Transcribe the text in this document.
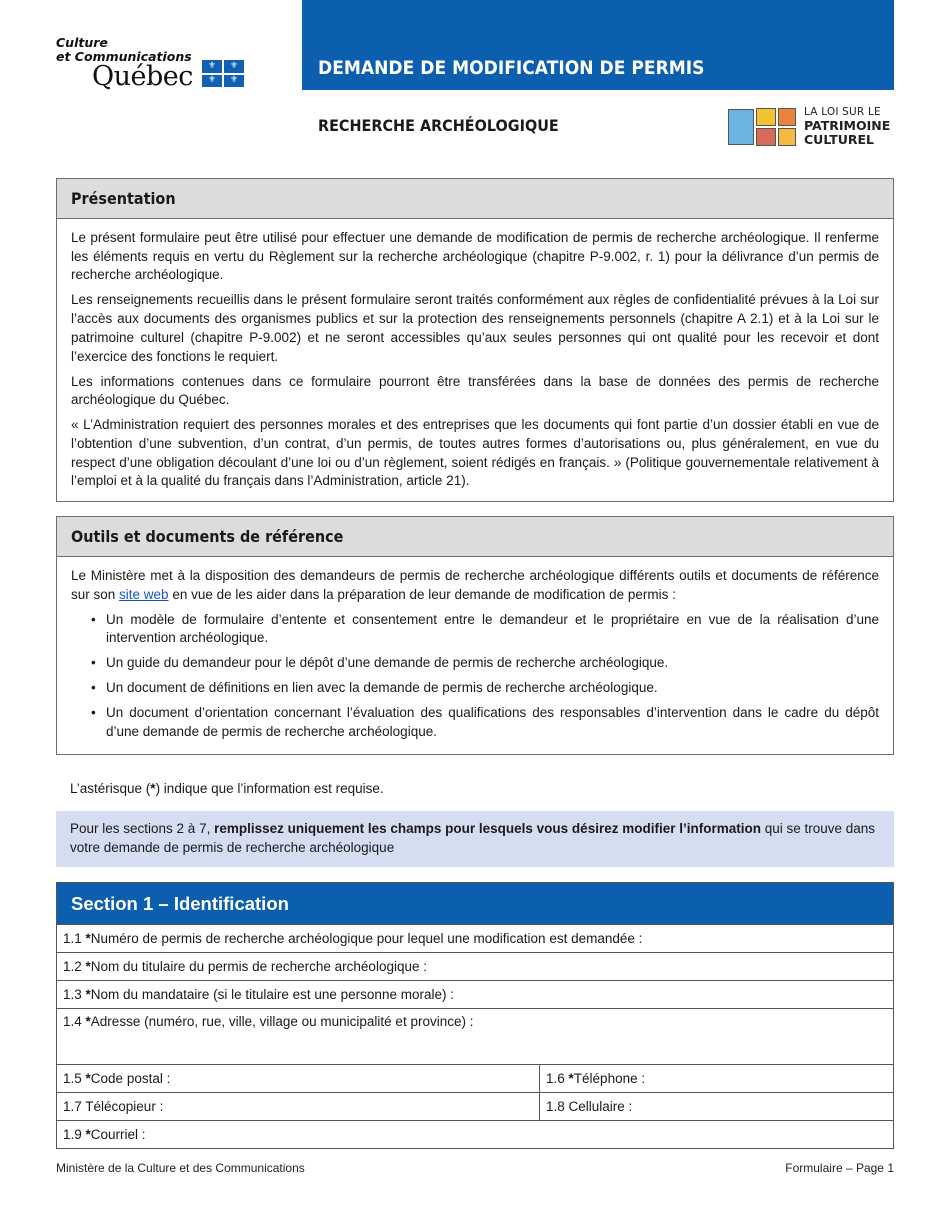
Culture
et Communications
Québec ⚜ ⚜
⚜ ⚜
DEMANDE DE MODIFICATION DE PERMIS
RECHERCHE ARCHÉOLOGIQUE
LA LOI SUR LE
PATRIMOINE
CULTUREL
Présentation

Le présent formulaire peut être utilisé pour effectuer une demande de modification de permis de recherche archéologique. Il renferme les éléments requis en vertu du Règlement sur la recherche archéologique (chapitre P-9.002, r. 1) pour la délivrance d’un permis de recherche archéologique.

Les renseignements recueillis dans le présent formulaire seront traités conformément aux règles de confidentialité prévues à la Loi sur l’accès aux documents des organismes publics et sur la protection des renseignements personnels (chapitre A 2.1) et à la Loi sur le patrimoine culturel (chapitre P-9.002) et ne seront accessibles qu’aux seules personnes qui ont qualité pour les recevoir et dont l’exercice des fonctions le requiert.

Les informations contenues dans ce formulaire pourront être transférées dans la base de données des permis de recherche archéologique du Québec.

« L’Administration requiert des personnes morales et des entreprises que les documents qui font partie d’un dossier établi en vue de l’obtention d’une subvention, d’un contrat, d’un permis, de toutes autres formes d’autorisations ou, plus généralement, en vue du respect d’une obligation découlant d’une loi ou d’un règlement, soient rédigés en français. » (Politique gouvernementale relativement à l’emploi et à la qualité du français dans l’Administration, article 21).

Outils et documents de référence

Le Ministère met à la disposition des demandeurs de permis de recherche archéologique différents outils et documents de référence sur son site web en vue de les aider dans la préparation de leur demande de modification de permis :

• Un modèle de formulaire d’entente et consentement entre le demandeur et le propriétaire en vue de la réalisation d’une intervention archéologique.
• Un guide du demandeur pour le dépôt d’une demande de permis de recherche archéologique.
• Un document de définitions en lien avec la demande de permis de recherche archéologique.
• Un document d’orientation concernant l’évaluation des qualifications des responsables d’intervention dans le cadre du dépôt d’une demande de permis de recherche archéologique.
L’astérisque (*) indique que l’information est requise.
Pour les sections 2 à 7, remplissez uniquement les champs pour lesquels vous désirez modifier l’information qui se trouve dans votre demande de permis de recherche archéologique
Section 1 – Identification
1.1 *Numéro de permis de recherche archéologique pour lequel une modification est demandée :
1.2 *Nom du titulaire du permis de recherche archéologique :
1.3 *Nom du mandataire (si le titulaire est une personne morale) :
1.4 *Adresse (numéro, rue, ville, village ou municipalité et province) :
1.5 *Code postal :	1.6 *Téléphone :
1.7 Télécopieur :	1.8 Cellulaire :
1.9 *Courriel :
Ministère de la Culture et des Communications	Formulaire – Page 1
